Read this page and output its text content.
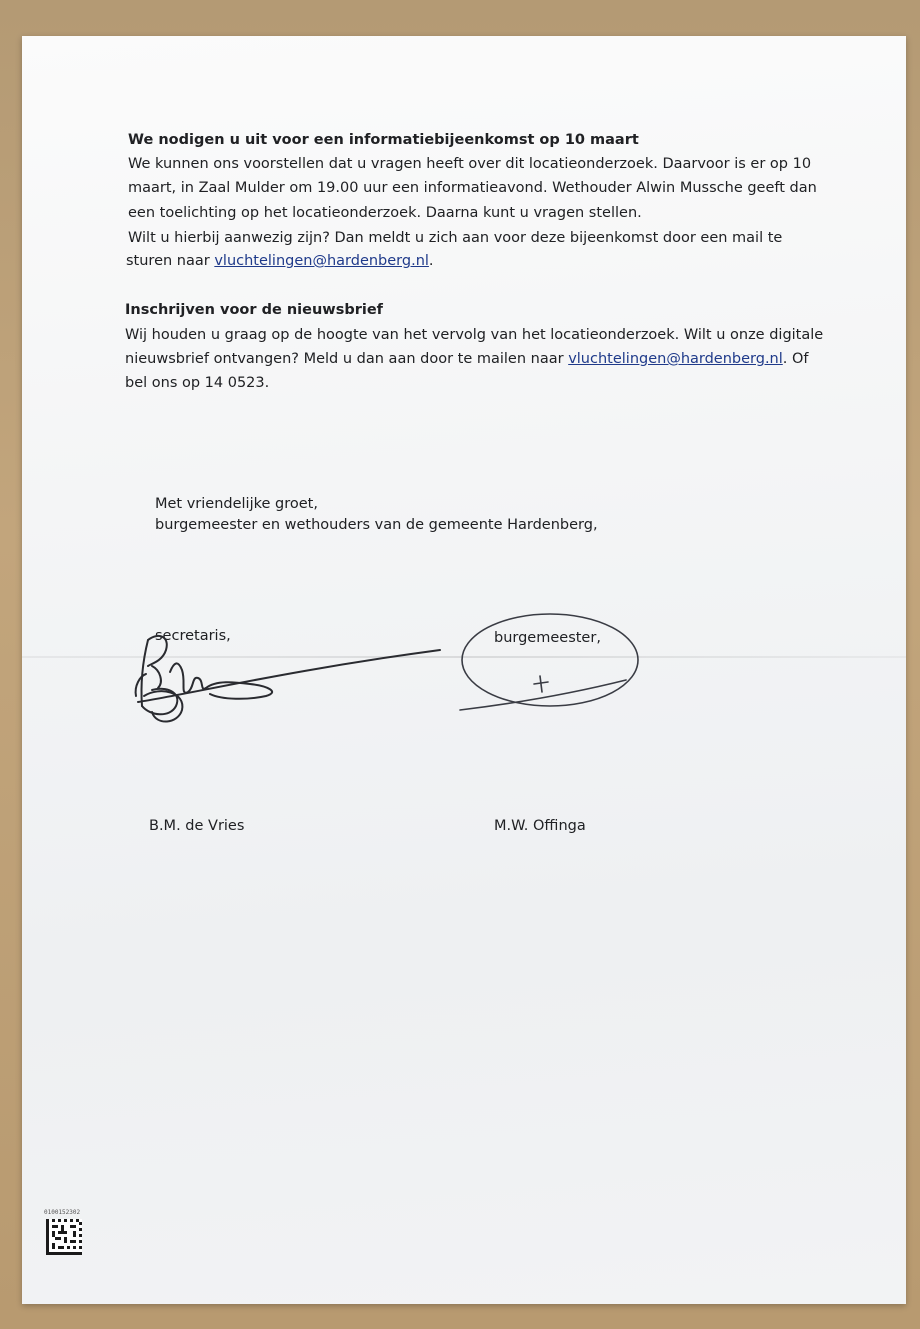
We nodigen u uit voor een informatiebijeenkomst op 10 maart
We kunnen ons voorstellen dat u vragen heeft over dit locatieonderzoek. Daarvoor is er op 10
maart, in Zaal Mulder om 19.00 uur een informatieavond. Wethouder Alwin Mussche geeft dan
een toelichting op het locatieonderzoek. Daarna kunt u vragen stellen.
Wilt u hierbij aanwezig zijn? Dan meldt u zich aan voor deze bijeenkomst door een mail te
sturen naar vluchtelingen@hardenberg.nl.
Inschrijven voor de nieuwsbrief
Wij houden u graag op de hoogte van het vervolg van het locatieonderzoek. Wilt u onze digitale
nieuwsbrief ontvangen? Meld u dan aan door te mailen naar vluchtelingen@hardenberg.nl. Of
bel ons op 14 0523.
Met vriendelijke groet,
burgemeester en wethouders van de gemeente Hardenberg,
secretaris,	burgemeester,
B.M. de Vries	M.W. Offinga
0100152302
